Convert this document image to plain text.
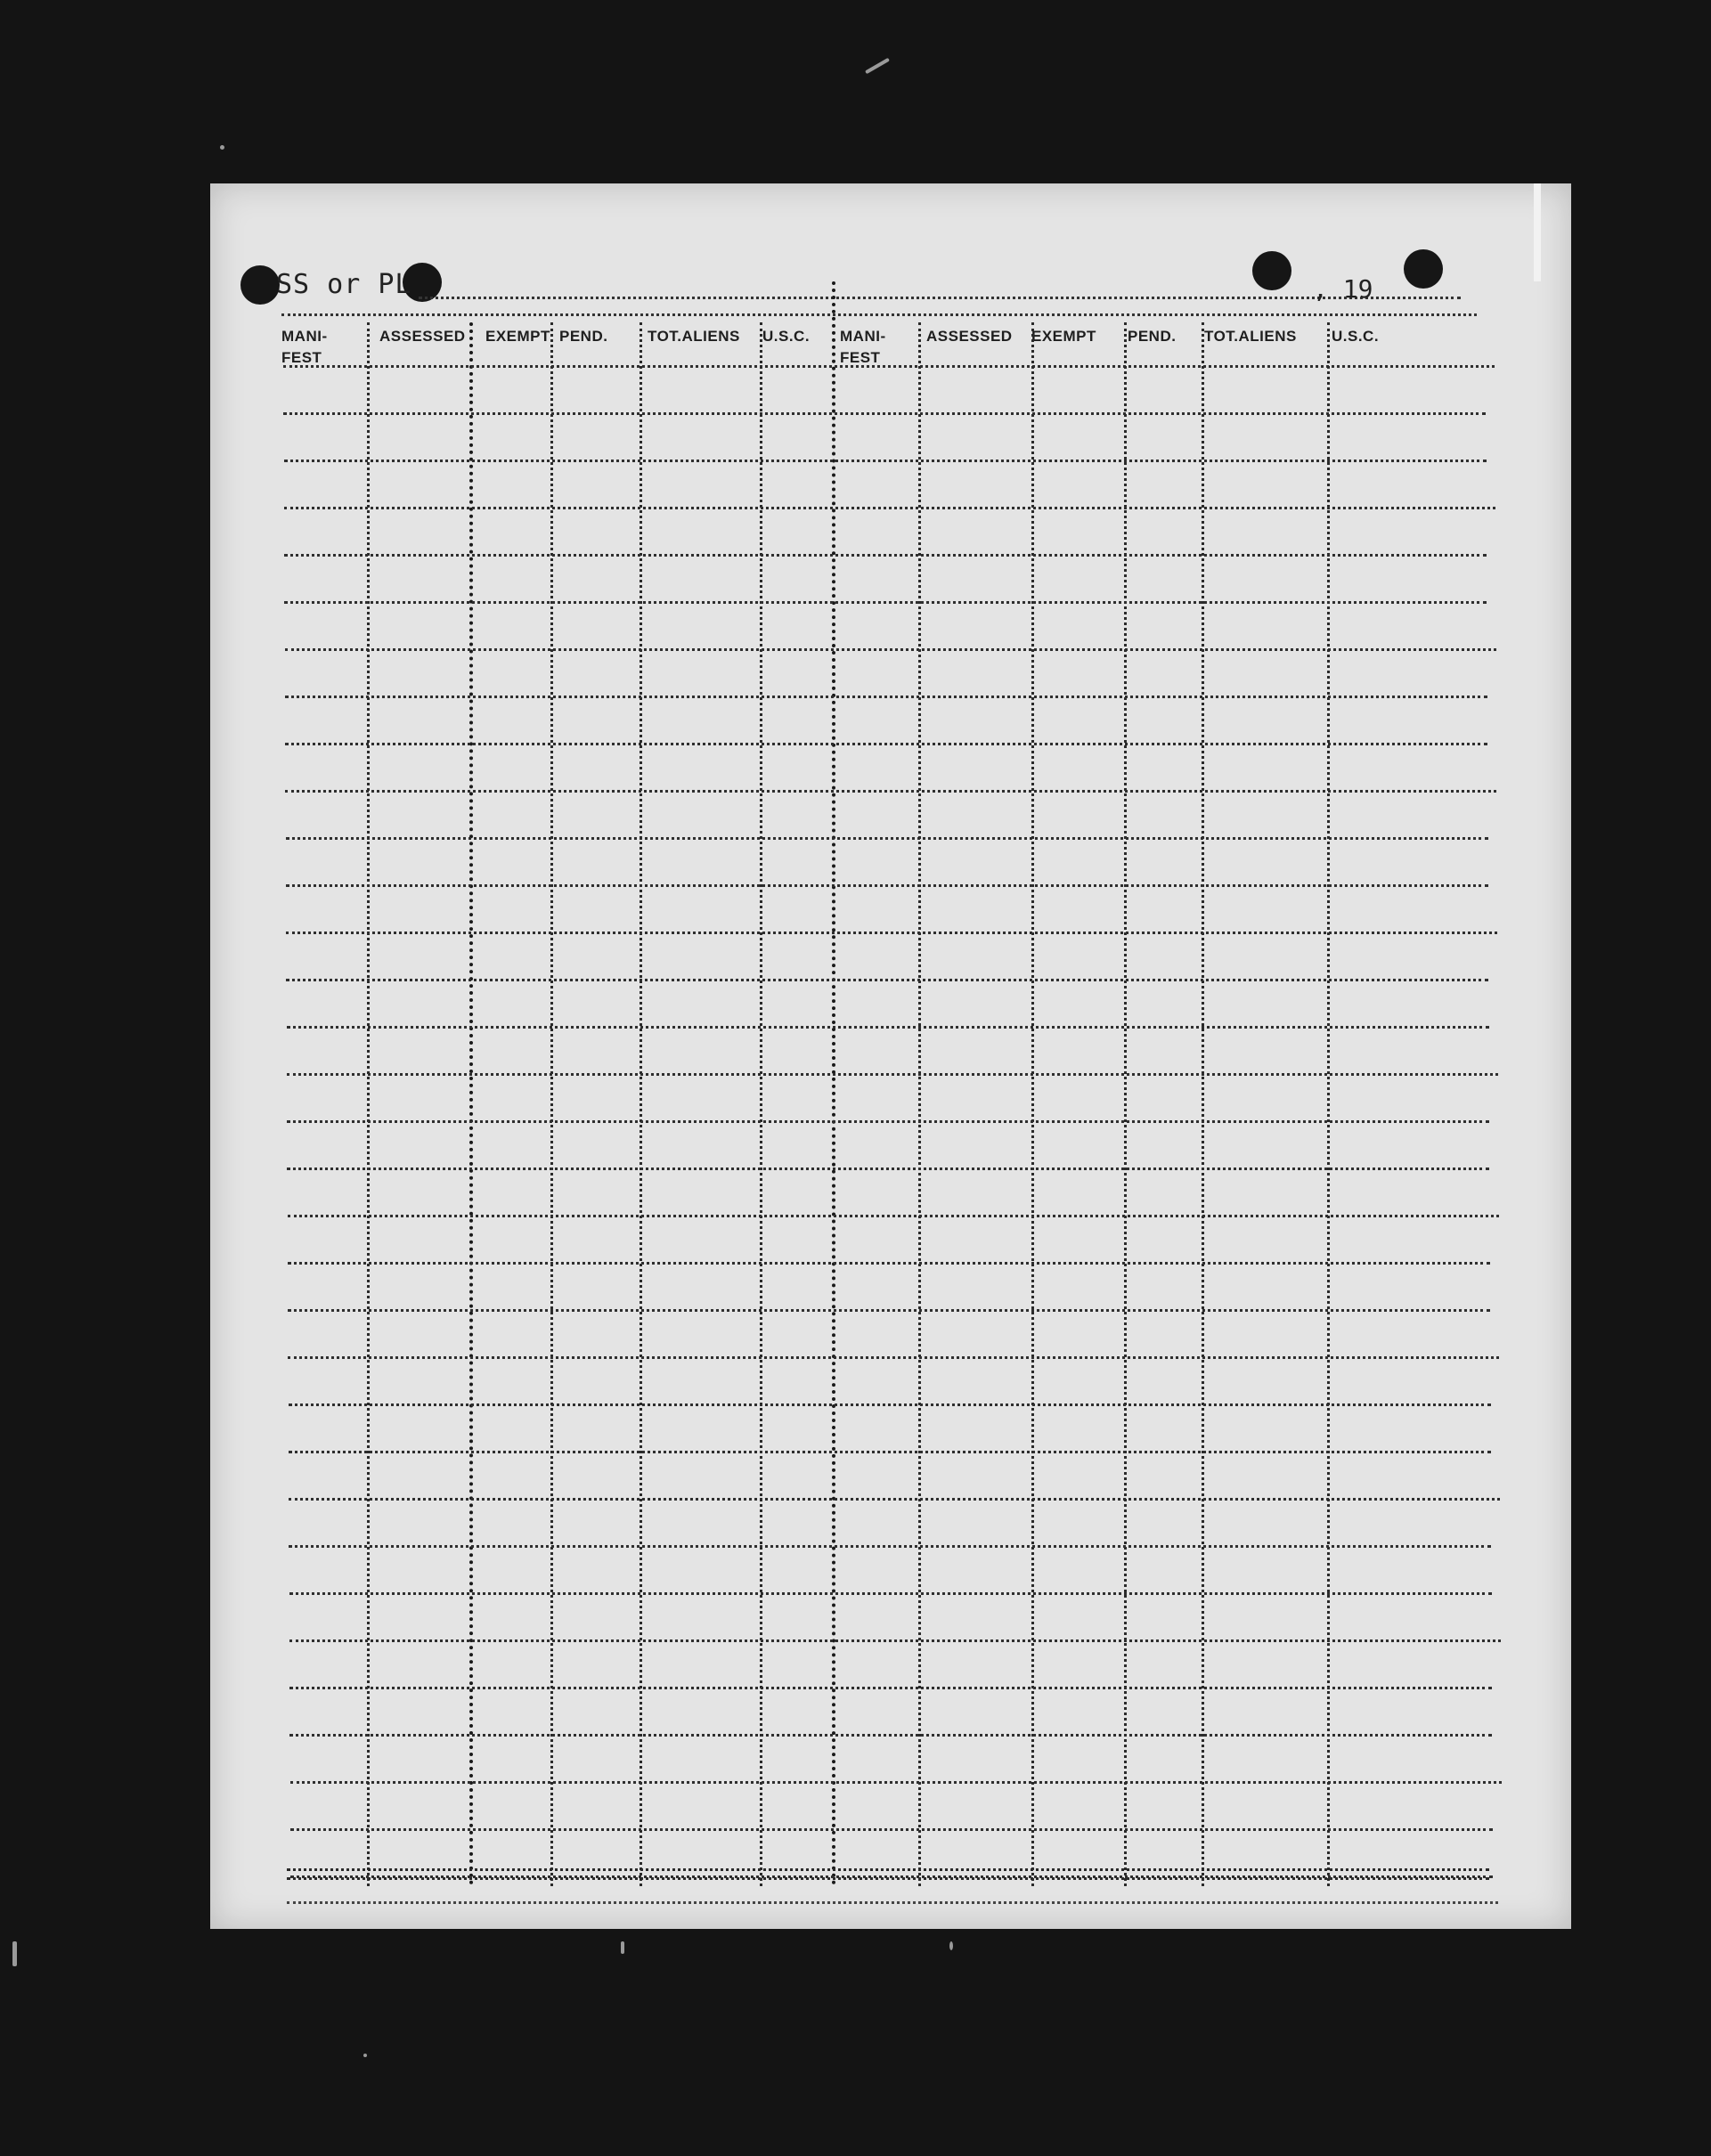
SS or PL	, 19
MANI-
FEST
ASSESSED EXEMPT PEND.	TOT.ALIENS U.S.C. MANI-
FEST
ASSESSED EXEMPT PEND. TOT.ALIENS U.S.C.
